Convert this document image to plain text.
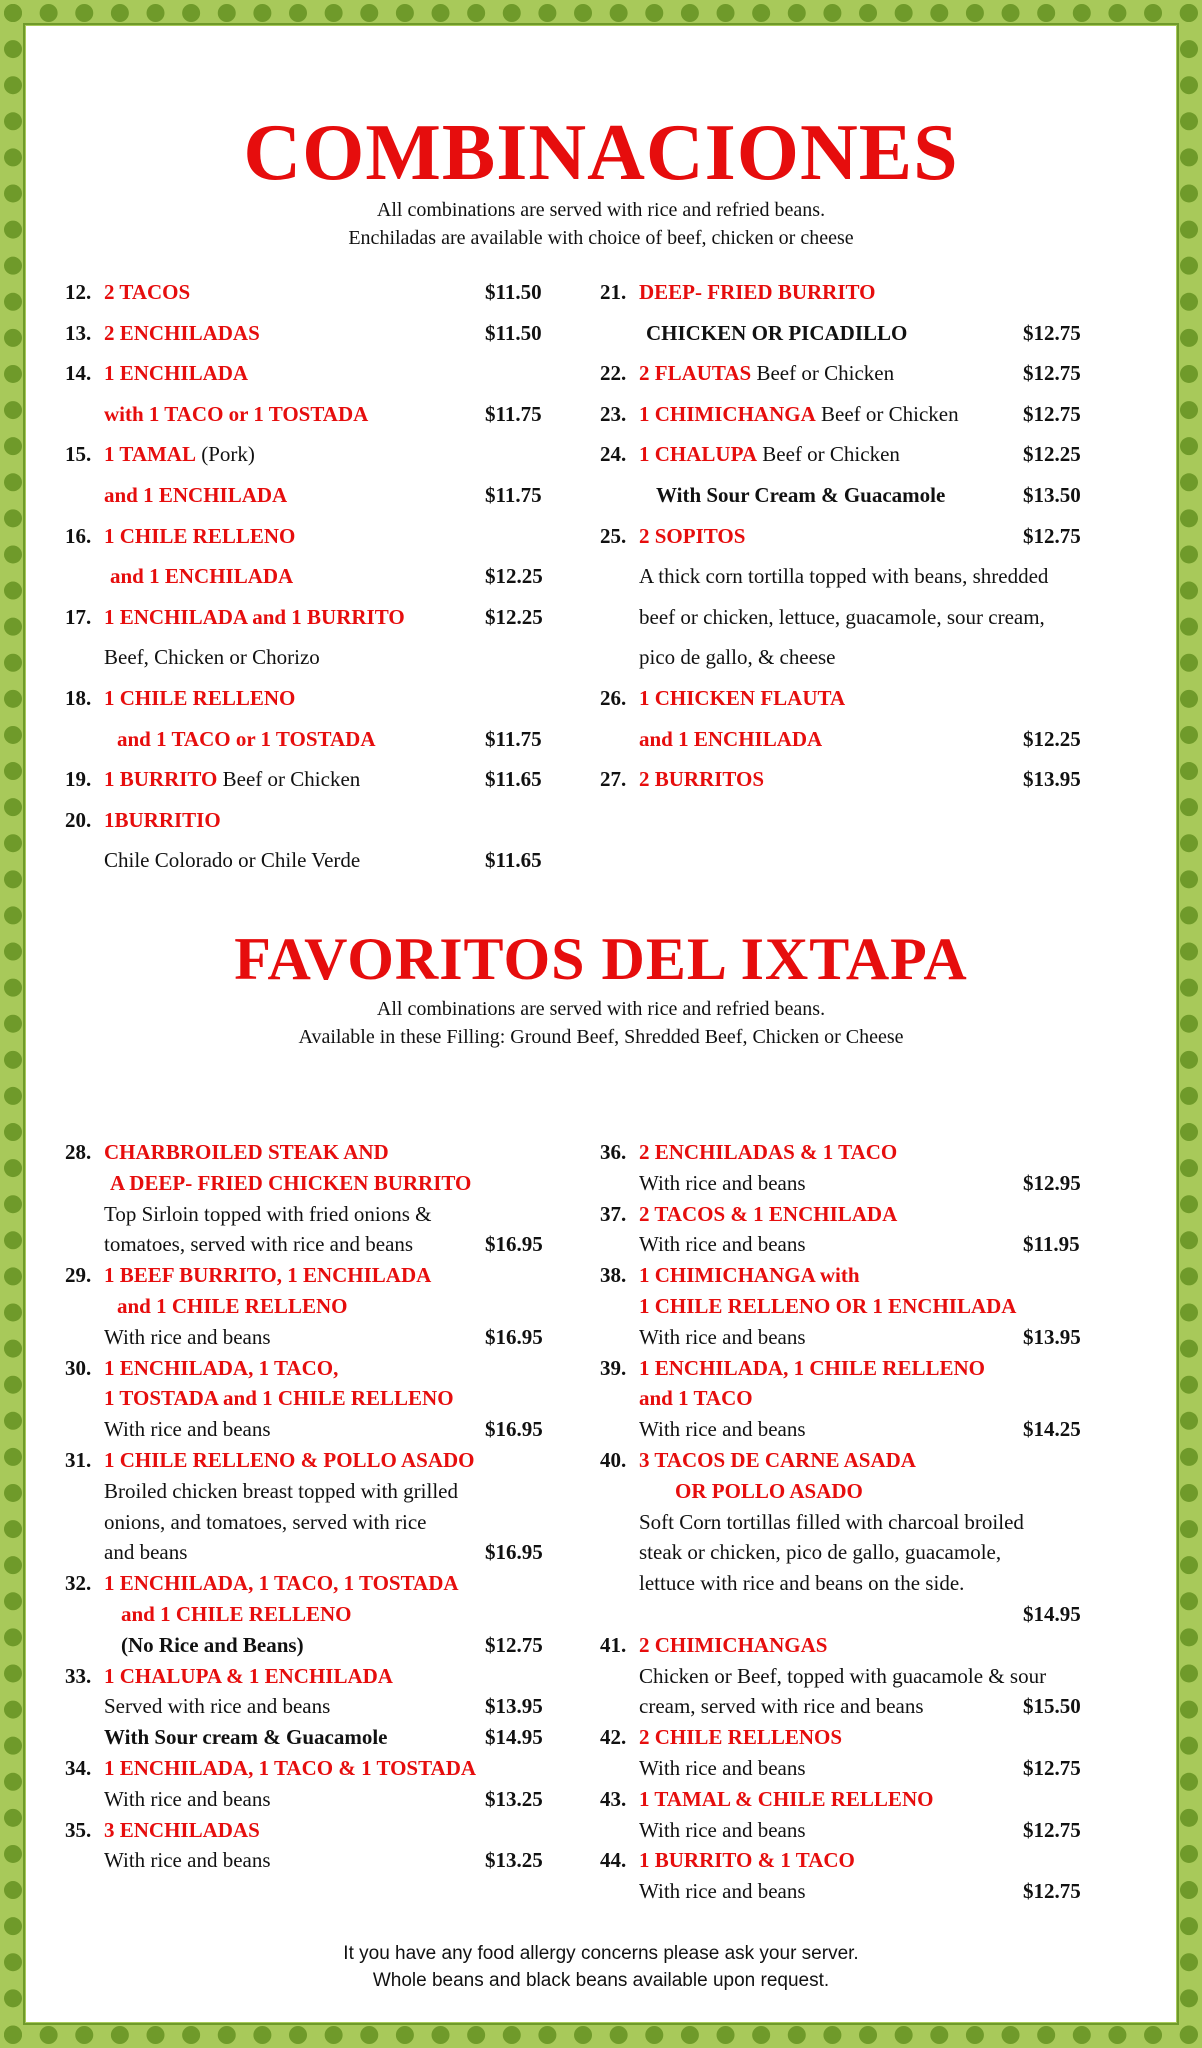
COMBINACIONES
All combinations are served with rice and refried beans.
Enchiladas are available with choice of beef, chicken or cheese
12. 2 TACOS	$11.50
13. 2 ENCHILADAS	$11.50
14. 1 ENCHILADA
with 1 TACO or 1 TOSTADA	$11.75
15. 1 TAMAL (Pork)
and 1 ENCHILADA	$11.75
16. 1 CHILE RELLENO
and 1 ENCHILADA	$12.25
17. 1 ENCHILADA and 1 BURRITO	$12.25
Beef, Chicken or Chorizo
18. 1 CHILE RELLENO
and 1 TACO or 1 TOSTADA	$11.75
19. 1 BURRITO Beef or Chicken	$11.65
20. 1BURRITIO
Chile Colorado or Chile Verde	$11.65
21. DEEP- FRIED BURRITO
CHICKEN OR PICADILLO	$12.75
22. 2 FLAUTAS Beef or Chicken	$12.75
23. 1 CHIMICHANGA Beef or Chicken	$12.75
24. 1 CHALUPA Beef or Chicken	$12.25
With Sour Cream & Guacamole	$13.50
25. 2 SOPITOS	$12.75
A thick corn tortilla topped with beans, shredded
beef or chicken, lettuce, guacamole, sour cream,
pico de gallo, & cheese
26. 1 CHICKEN FLAUTA
and 1 ENCHILADA	$12.25
27. 2 BURRITOS	$13.95
FAVORITOS DEL IXTAPA
All combinations are served with rice and refried beans.
Available in these Filling: Ground Beef, Shredded Beef, Chicken or Cheese
28. CHARBROILED STEAK AND
A DEEP- FRIED CHICKEN BURRITO
Top Sirloin topped with fried onions &
tomatoes, served with rice and beans	$16.95
29. 1 BEEF BURRITO, 1 ENCHILADA
and 1 CHILE RELLENO
With rice and beans	$16.95
30. 1 ENCHILADA, 1 TACO,
1 TOSTADA and 1 CHILE RELLENO
With rice and beans	$16.95
31. 1 CHILE RELLENO & POLLO ASADO
Broiled chicken breast topped with grilled
onions, and tomatoes, served with rice
and beans	$16.95
32. 1 ENCHILADA, 1 TACO, 1 TOSTADA
and 1 CHILE RELLENO
(No Rice and Beans)	$12.75
33. 1 CHALUPA & 1 ENCHILADA
Served with rice and beans	$13.95
With Sour cream & Guacamole	$14.95
34. 1 ENCHILADA, 1 TACO & 1 TOSTADA
With rice and beans	$13.25
35. 3 ENCHILADAS
With rice and beans	$13.25
36. 2 ENCHILADAS & 1 TACO
With rice and beans	$12.95
37. 2 TACOS & 1 ENCHILADA
With rice and beans	$11.95
38. 1 CHIMICHANGA with
1 CHILE RELLENO OR 1 ENCHILADA
With rice and beans	$13.95
39. 1 ENCHILADA, 1 CHILE RELLENO
and 1 TACO
With rice and beans	$14.25
40. 3 TACOS DE CARNE ASADA
OR POLLO ASADO
Soft Corn tortillas filled with charcoal broiled
steak or chicken, pico de gallo, guacamole,
lettuce with rice and beans on the side.
$14.95
41. 2 CHIMICHANGAS
Chicken or Beef, topped with guacamole & sour
cream, served with rice and beans	$15.50
42. 2 CHILE RELLENOS
With rice and beans	$12.75
43. 1 TAMAL & CHILE RELLENO
With rice and beans	$12.75
44. 1 BURRITO & 1 TACO
With rice and beans	$12.75
It you have any food allergy concerns please ask your server.
Whole beans and black beans available upon request.
